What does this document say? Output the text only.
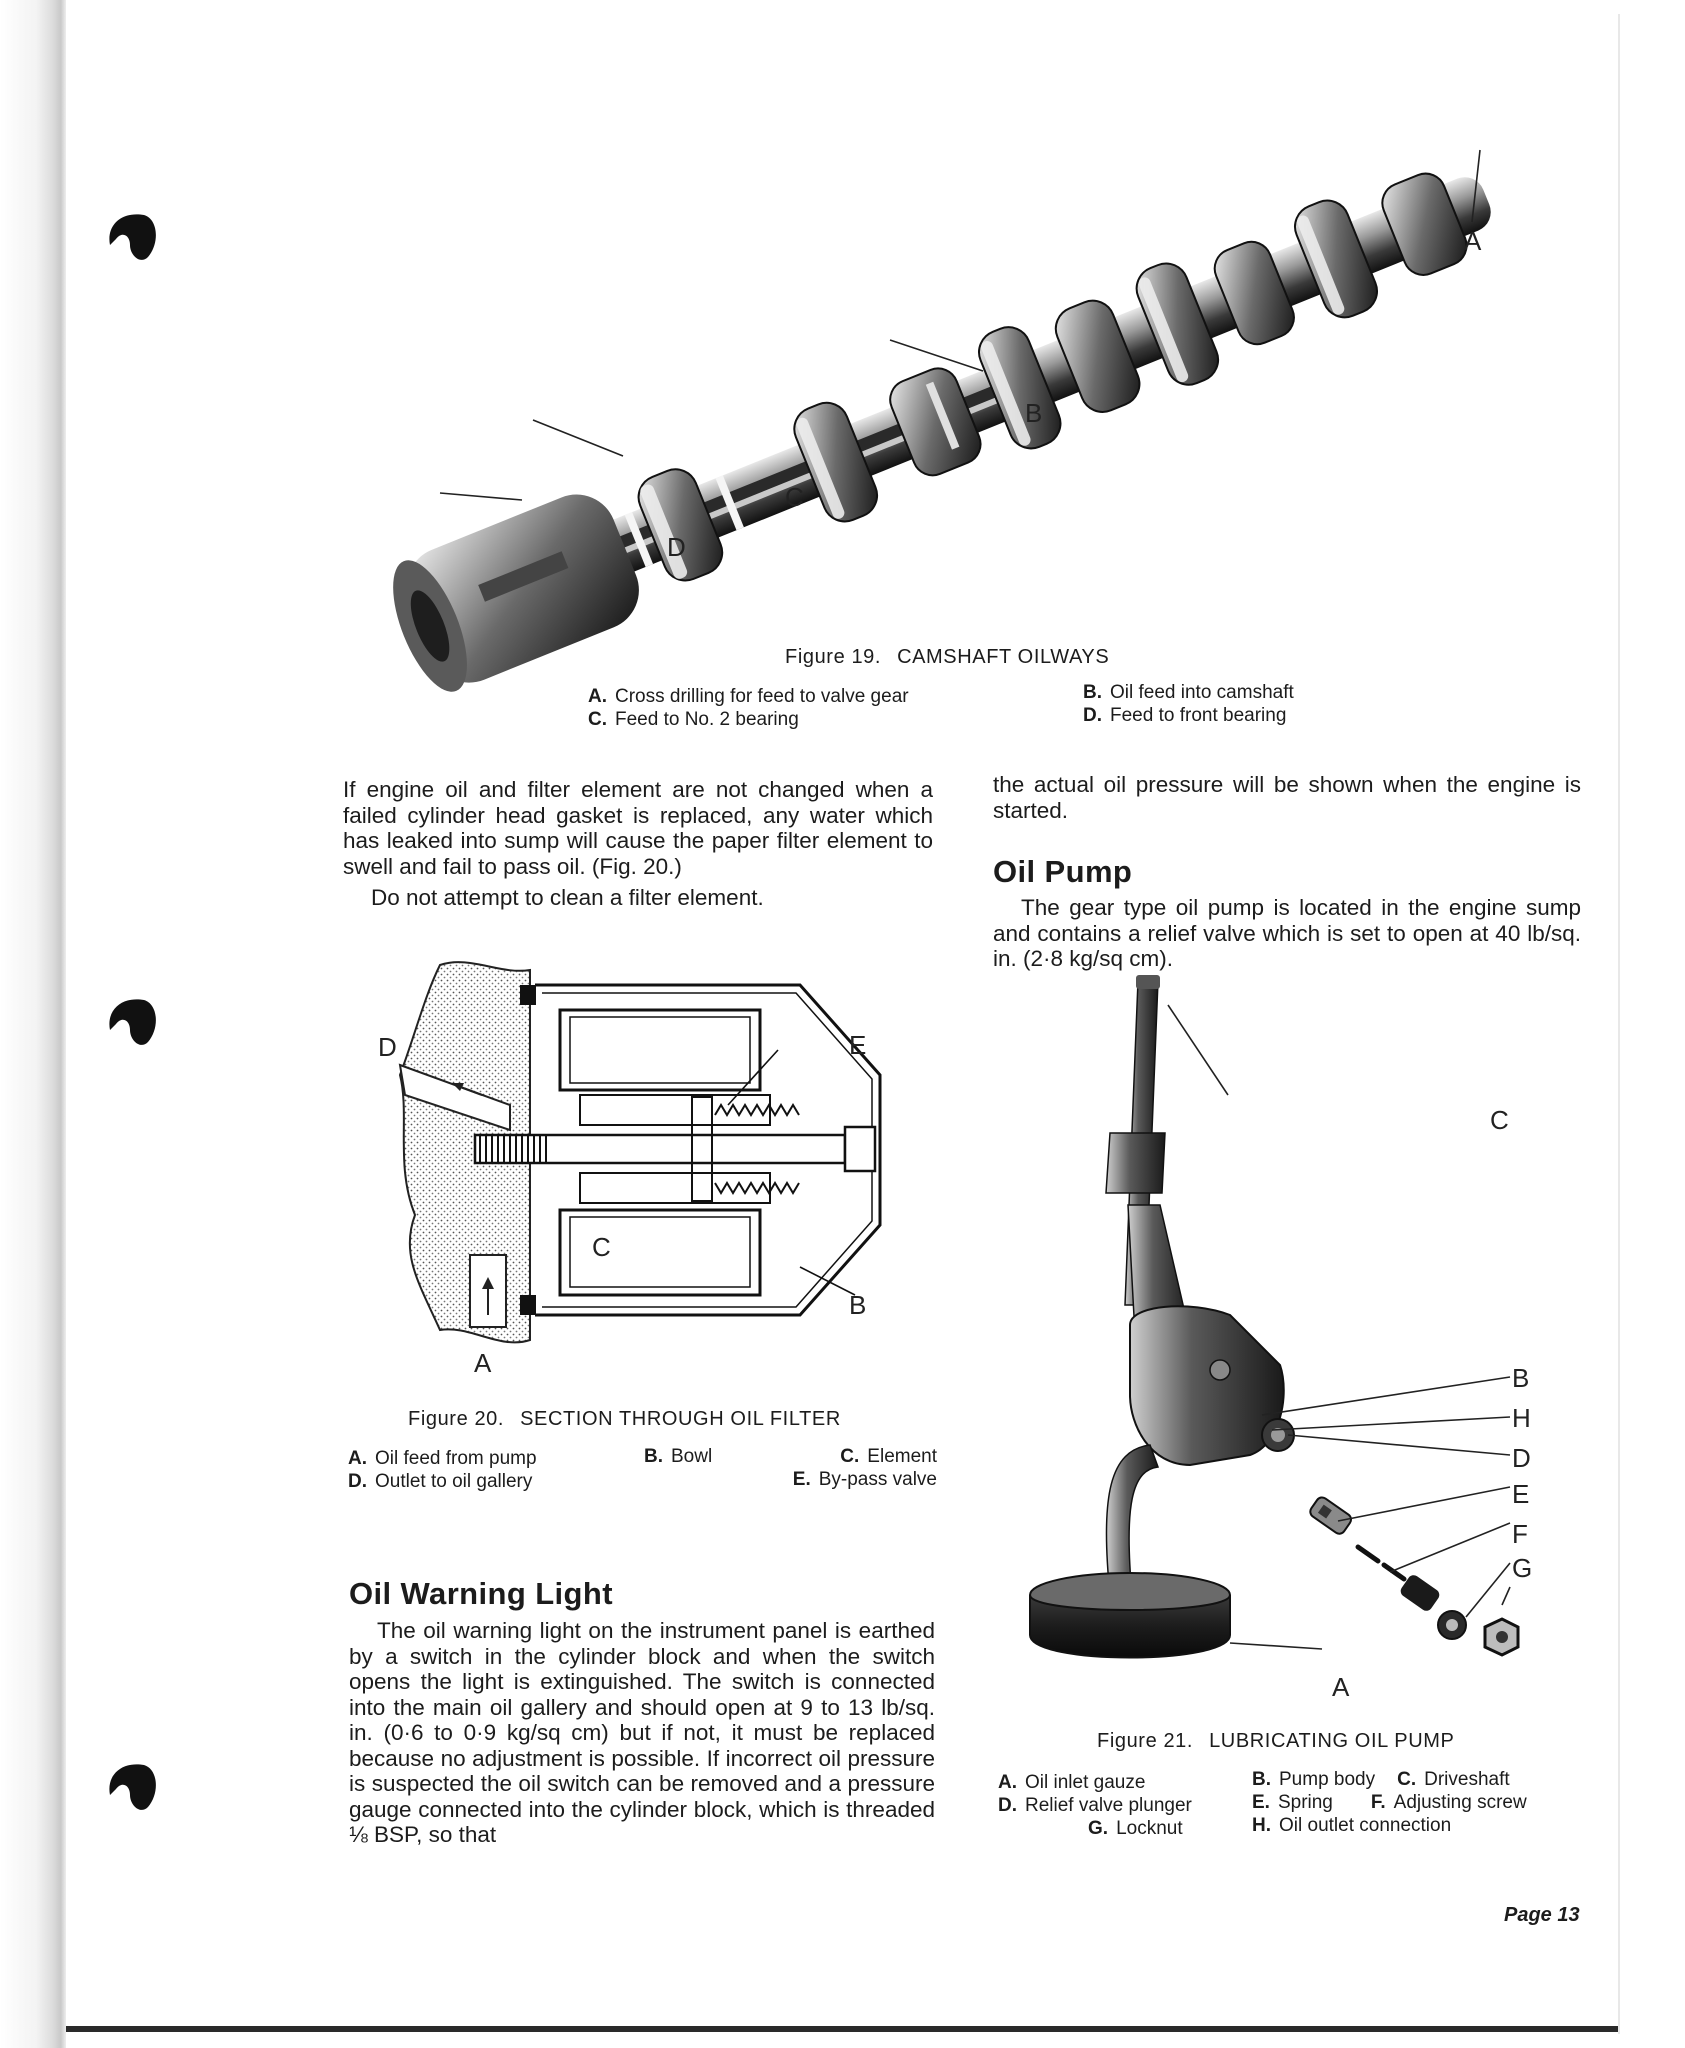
A
B
C
D
Figure 19. CAMSHAFT OILWAYS
A. Cross drilling for feed to valve gear
C. Feed to No. 2 bearing
B. Oil feed into camshaft
D. Feed to front bearing

If engine oil and filter element are not changed when a failed cylinder head gasket is replaced, any water which has leaked into sump will cause the paper filter element to swell and fail to pass oil. (Fig. 20.)

Do not attempt to clean a filter element.

D	E
C
B
A
Figure 20. SECTION THROUGH OIL FILTER
A. Oil feed from pump
D. Outlet to oil gallery
B. Bowl	C. Element
E. By-pass valve
Oil Warning Light

The oil warning light on the instrument panel is earthed by a switch in the cylinder block and when the switch opens the light is extinguished. The switch is connected into the main oil gallery and should open at 9 to 13 lb/sq. in. (0·6 to 0·9 kg/sq cm) but if not, it must be replaced because no adjustment is possible. If incorrect oil pressure is suspected the oil switch can be removed and a pressure gauge connected into the cylinder block, which is threaded ⅛ BSP, so that

the actual oil pressure will be shown when the engine is started.

Oil Pump

The gear type oil pump is located in the engine sump and contains a relief valve which is set to open at 40 lb/sq. in. (2·8 kg/sq cm).

C
B
H
D
E
F
G
A
Figure 21. LUBRICATING OIL PUMP
A. Oil inlet gauze
D. Relief valve plunger
G. Locknut
B. Pump body C. Driveshaft
E. Spring F. Adjusting screw
H. Oil outlet connection
Page 13
